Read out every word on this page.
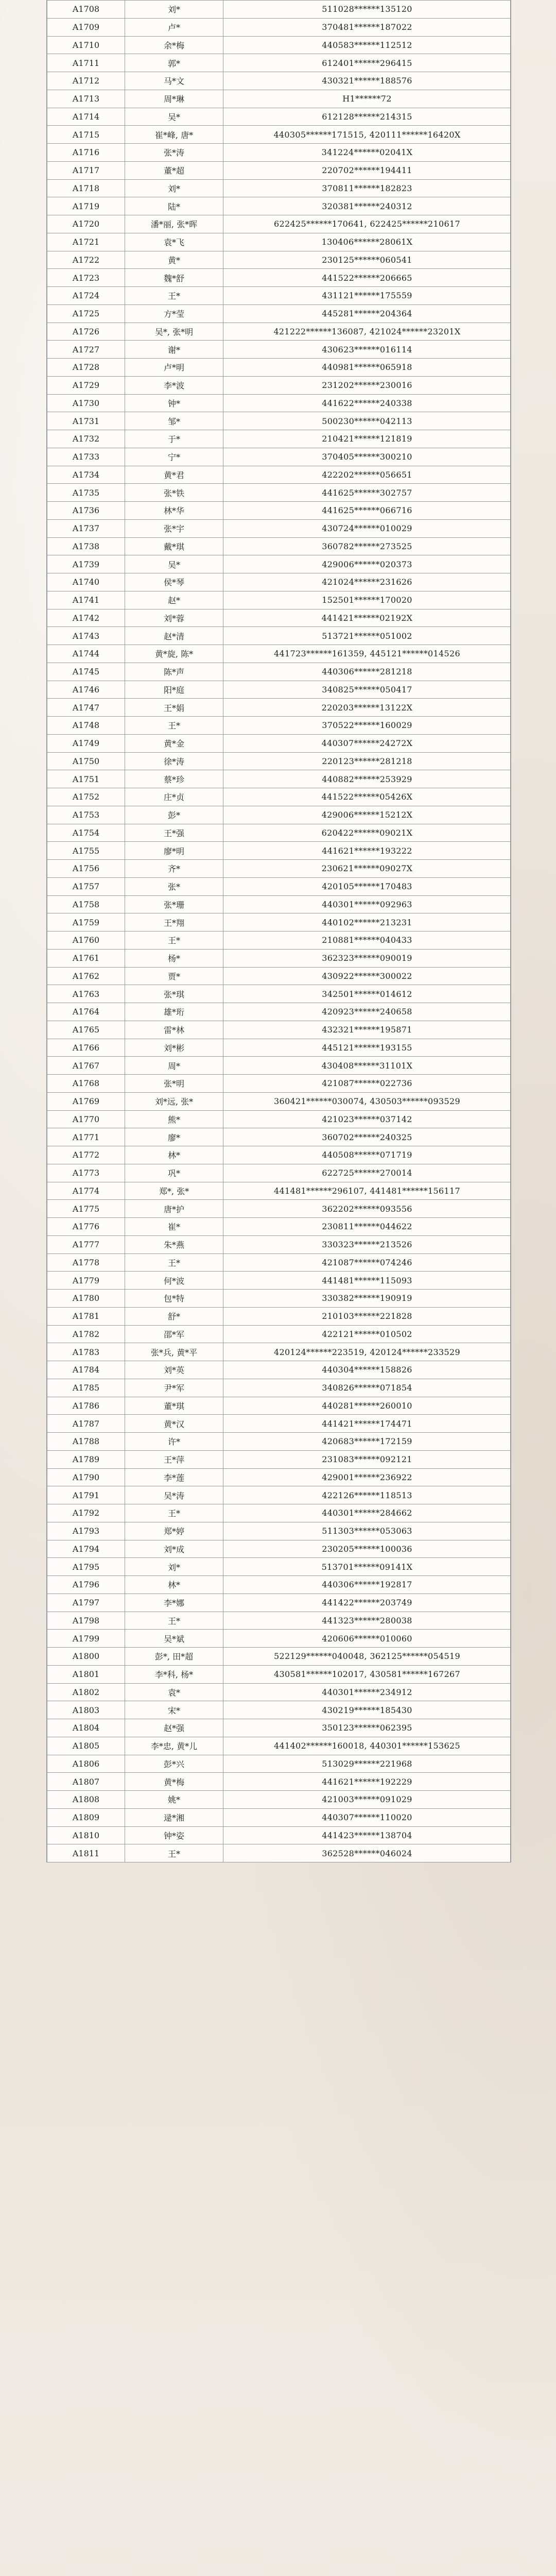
A1708	刘*	511028******135120
A1709	卢*	370481******187022
A1710	余*梅	440583******112512
A1711	郭*	612401******296415
A1712	马*文	430321******188576
A1713	周*琳	H1******72
A1714	吴*	612128******214315
A1715	崔*峰, 唐*	440305******171515, 420111******16420X
A1716	张*涛	341224******02041X
A1717	董*超	220702******194411
A1718	刘*	370811******182823
A1719	陆*	320381******240312
A1720	潘*丽, 张*晖	622425******170641, 622425******210617
A1721	袁*飞	130406******28061X
A1722	黄*	230125******060541
A1723	魏*舒	441522******206665
A1724	王*	431121******175559
A1725	方*莹	445281******204364
A1726	吴*, 张*明	421222******136087, 421024******23201X
A1727	谢*	430623******016114
A1728	卢*明	440981******065918
A1729	李*波	231202******230016
A1730	钟*	441622******240338
A1731	邹*	500230******042113
A1732	于*	210421******121819
A1733	宁*	370405******300210
A1734	黄*君	422202******056651
A1735	张*铁	441625******302757
A1736	林*华	441625******066716
A1737	张*宇	430724******010029
A1738	戴*琪	360782******273525
A1739	吴*	429006******020373
A1740	侯*琴	421024******231626
A1741	赵*	152501******170020
A1742	刘*蓉	441421******02192X
A1743	赵*清	513721******051002
A1744	黄*旋, 陈*	441723******161359, 445121******014526
A1745	陈*声	440306******281218
A1746	阳*庭	340825******050417
A1747	王*娟	220203******13122X
A1748	王*	370522******160029
A1749	黄*金	440307******24272X
A1750	徐*涛	220123******281218
A1751	蔡*珍	440882******253929
A1752	庄*贞	441522******05426X
A1753	彭*	429006******15212X
A1754	王*强	620422******09021X
A1755	廖*明	441621******193222
A1756	齐*	230621******09027X
A1757	张*	420105******170483
A1758	张*珊	440301******092963
A1759	王*翔	440102******213231
A1760	王*	210881******040433
A1761	杨*	362323******090019
A1762	贾*	430922******300022
A1763	张*琪	342501******014612
A1764	雄*珩	420923******240658
A1765	雷*林	432321******195871
A1766	刘*彬	445121******193155
A1767	周*	430408******31101X
A1768	张*明	421087******022736
A1769	刘*远, 张*	360421******030074, 430503******093529
A1770	熊*	421023******037142
A1771	廖*	360702******240325
A1772	林*	440508******071719
A1773	巩*	622725******270014
A1774	郑*, 张*	441481******296107, 441481******156117
A1775	唐*护	362202******093556
A1776	崔*	230811******044622
A1777	朱*燕	330323******213526
A1778	王*	421087******074246
A1779	何*波	441481******115093
A1780	包*特	330382******190919
A1781	舒*	210103******221828
A1782	邵*军	422121******010502
A1783	张*兵, 黄*平	420124******223519, 420124******233529
A1784	刘*英	440304******158826
A1785	尹*军	340826******071854
A1786	董*琪	440281******260010
A1787	黄*汉	441421******174471
A1788	许*	420683******172159
A1789	王*萍	231083******092121
A1790	李*莲	429001******236922
A1791	吴*涛	422126******118513
A1792	王*	440301******284662
A1793	郑*婷	511303******053063
A1794	刘*成	230205******100036
A1795	刘*	513701******09141X
A1796	林*	440306******192817
A1797	李*娜	441422******203749
A1798	王*	441323******280038
A1799	吴*斌	420606******010060
A1800	彭*, 田*超	522129******040048, 362125******054519
A1801	李*科, 杨*	430581******102017, 430581******167267
A1802	袁*	440301******234912
A1803	宋*	430219******185430
A1804	赵*强	350123******062395
A1805	李*忠, 黄*儿	441402******160018, 440301******153625
A1806	彭*兴	513029******221968
A1807	黄*梅	441621******192229
A1808	姚*	421003******091029
A1809	逯*湘	440307******110020
A1810	钟*姿	441423******138704
A1811	王*	362528******046024
